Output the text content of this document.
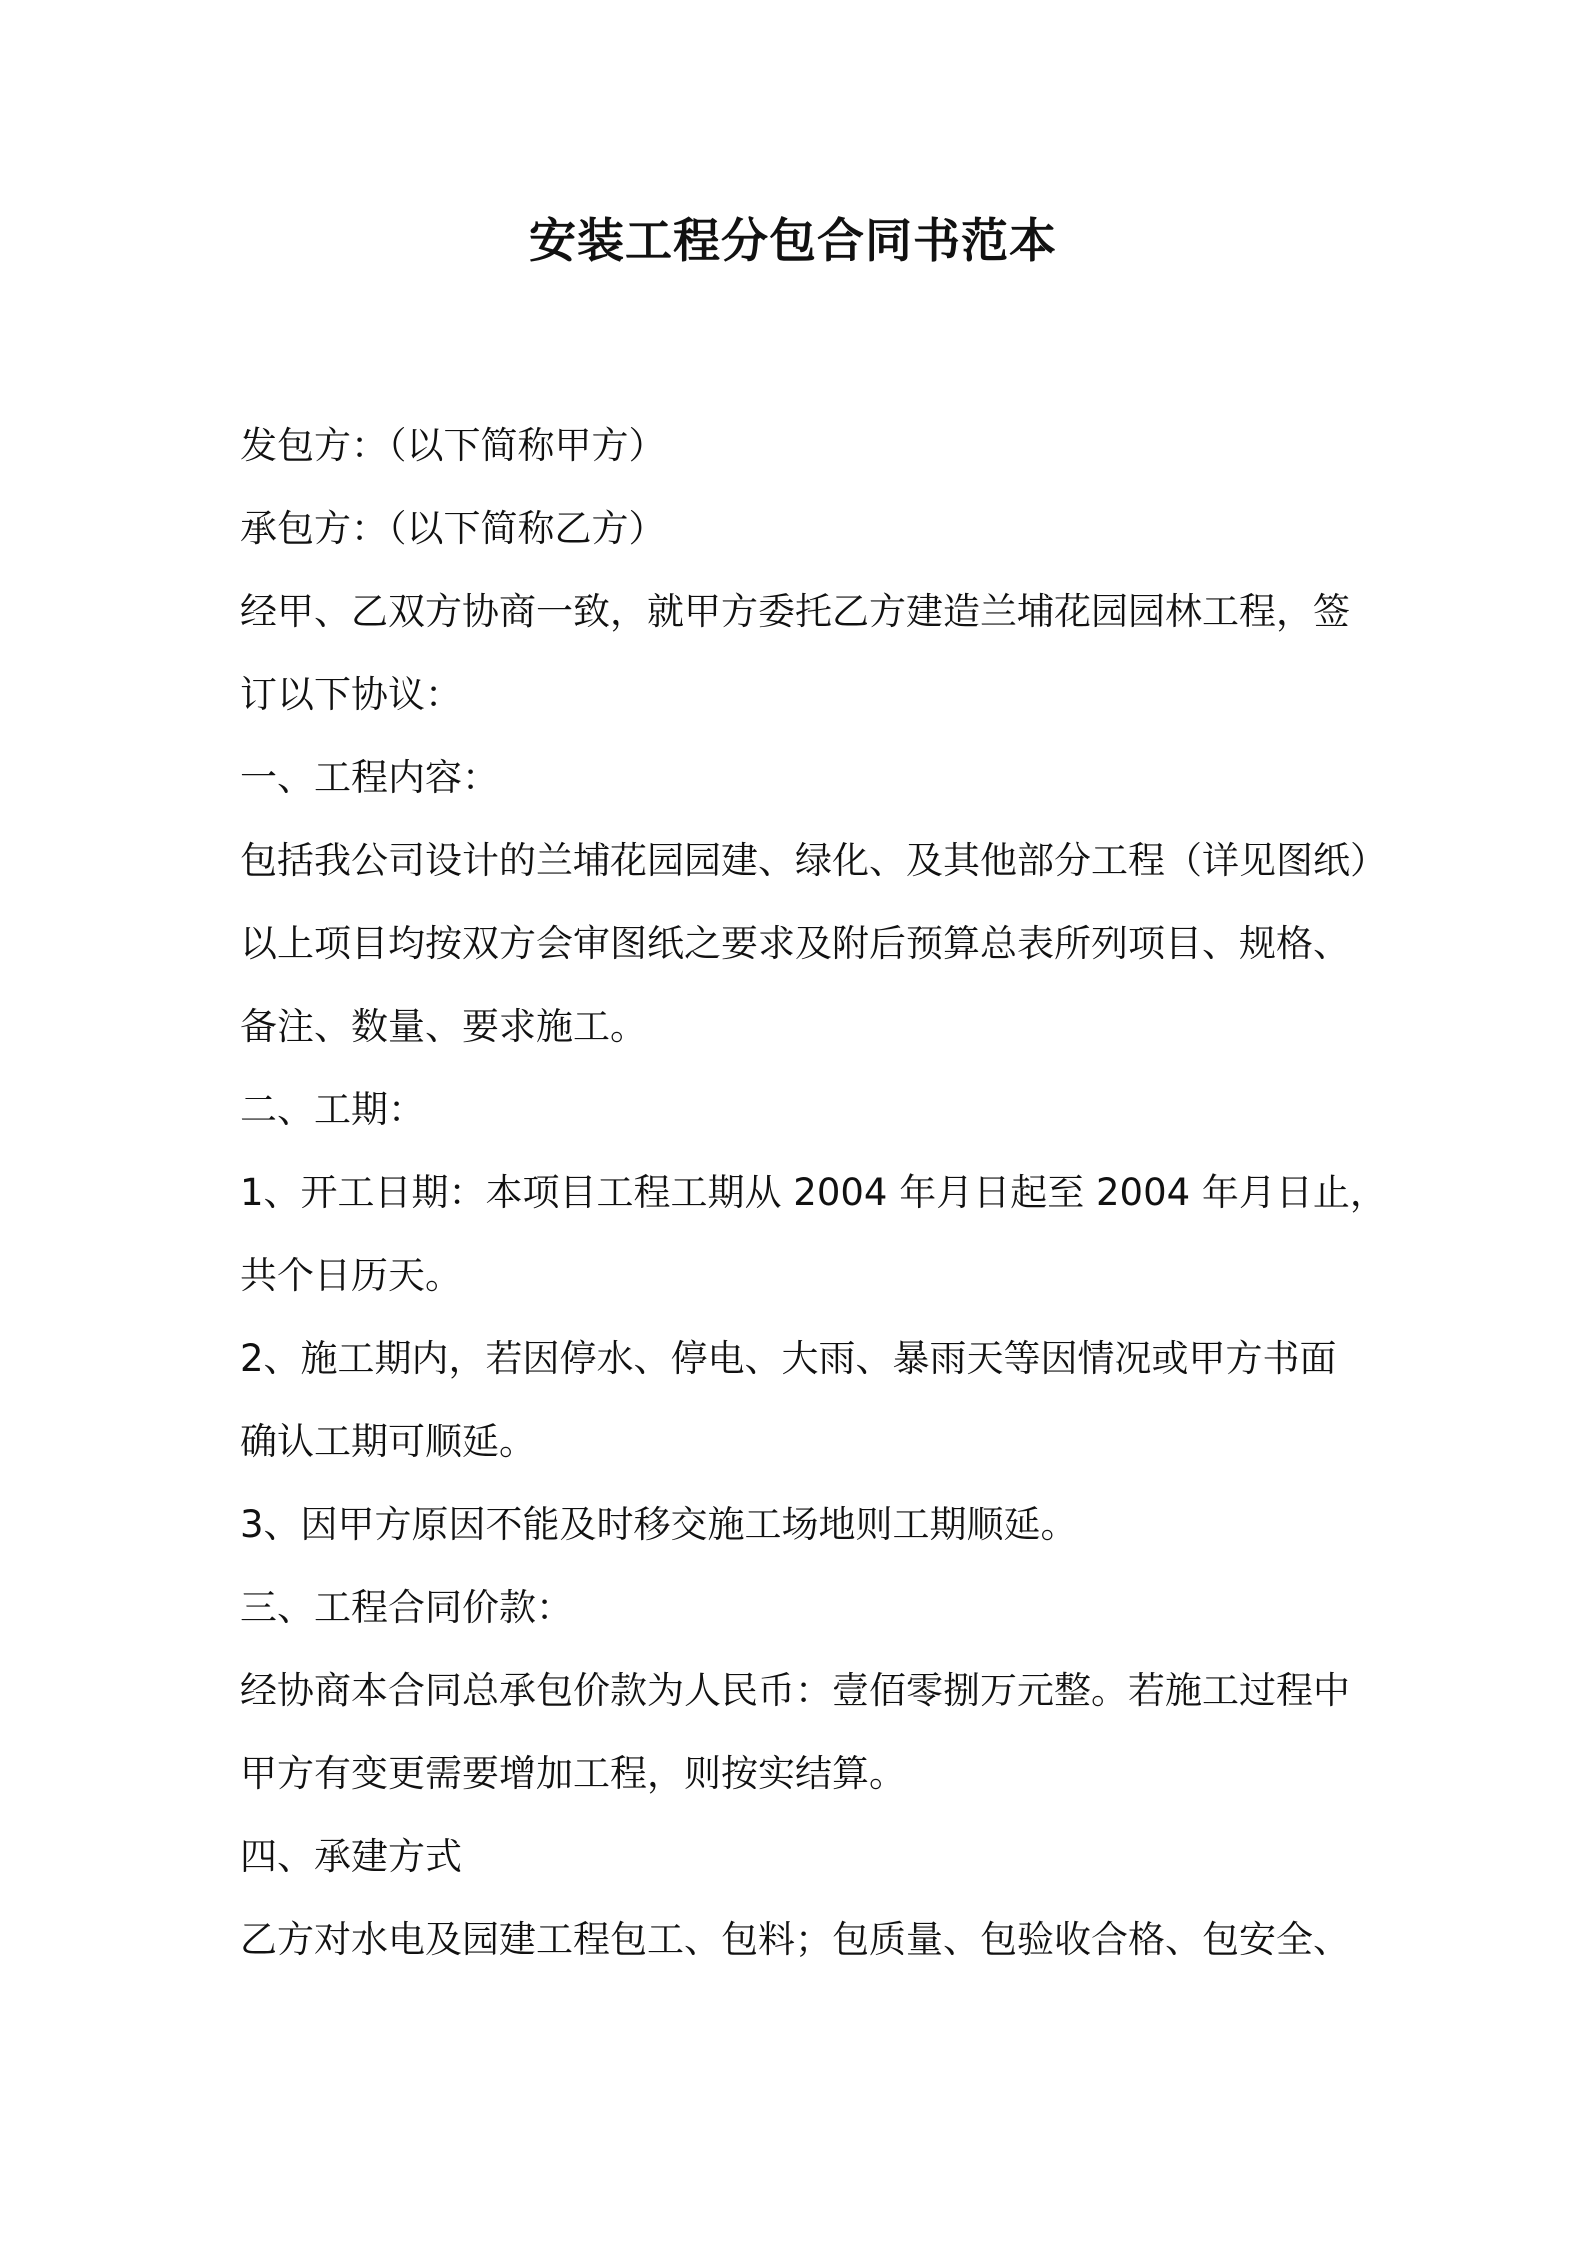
安装工程分包合同书范本
发包方：（以下简称甲方）
承包方：（以下简称乙方）
经甲、乙双方协商一致，就甲方委托乙方建造兰埔花园园林工程，签
订以下协议：
一、工程内容：
包括我公司设计的兰埔花园园建、绿化、及其他部分工程（详见图纸）
以上项目均按双方会审图纸之要求及附后预算总表所列项目、规格、
备注、数量、要求施工。
二、工期：
1、开工日期：本项目工程工期从 2004 年月日起至 2004 年月日止，
共个日历天。
2、施工期内，若因停水、停电、大雨、暴雨天等因情况或甲方书面
确认工期可顺延。
3、因甲方原因不能及时移交施工场地则工期顺延。
三、工程合同价款：
经协商本合同总承包价款为人民币：壹佰零捌万元整。若施工过程中
甲方有变更需要增加工程，则按实结算。
四、承建方式
乙方对水电及园建工程包工、包料；包质量、包验收合格、包安全、
